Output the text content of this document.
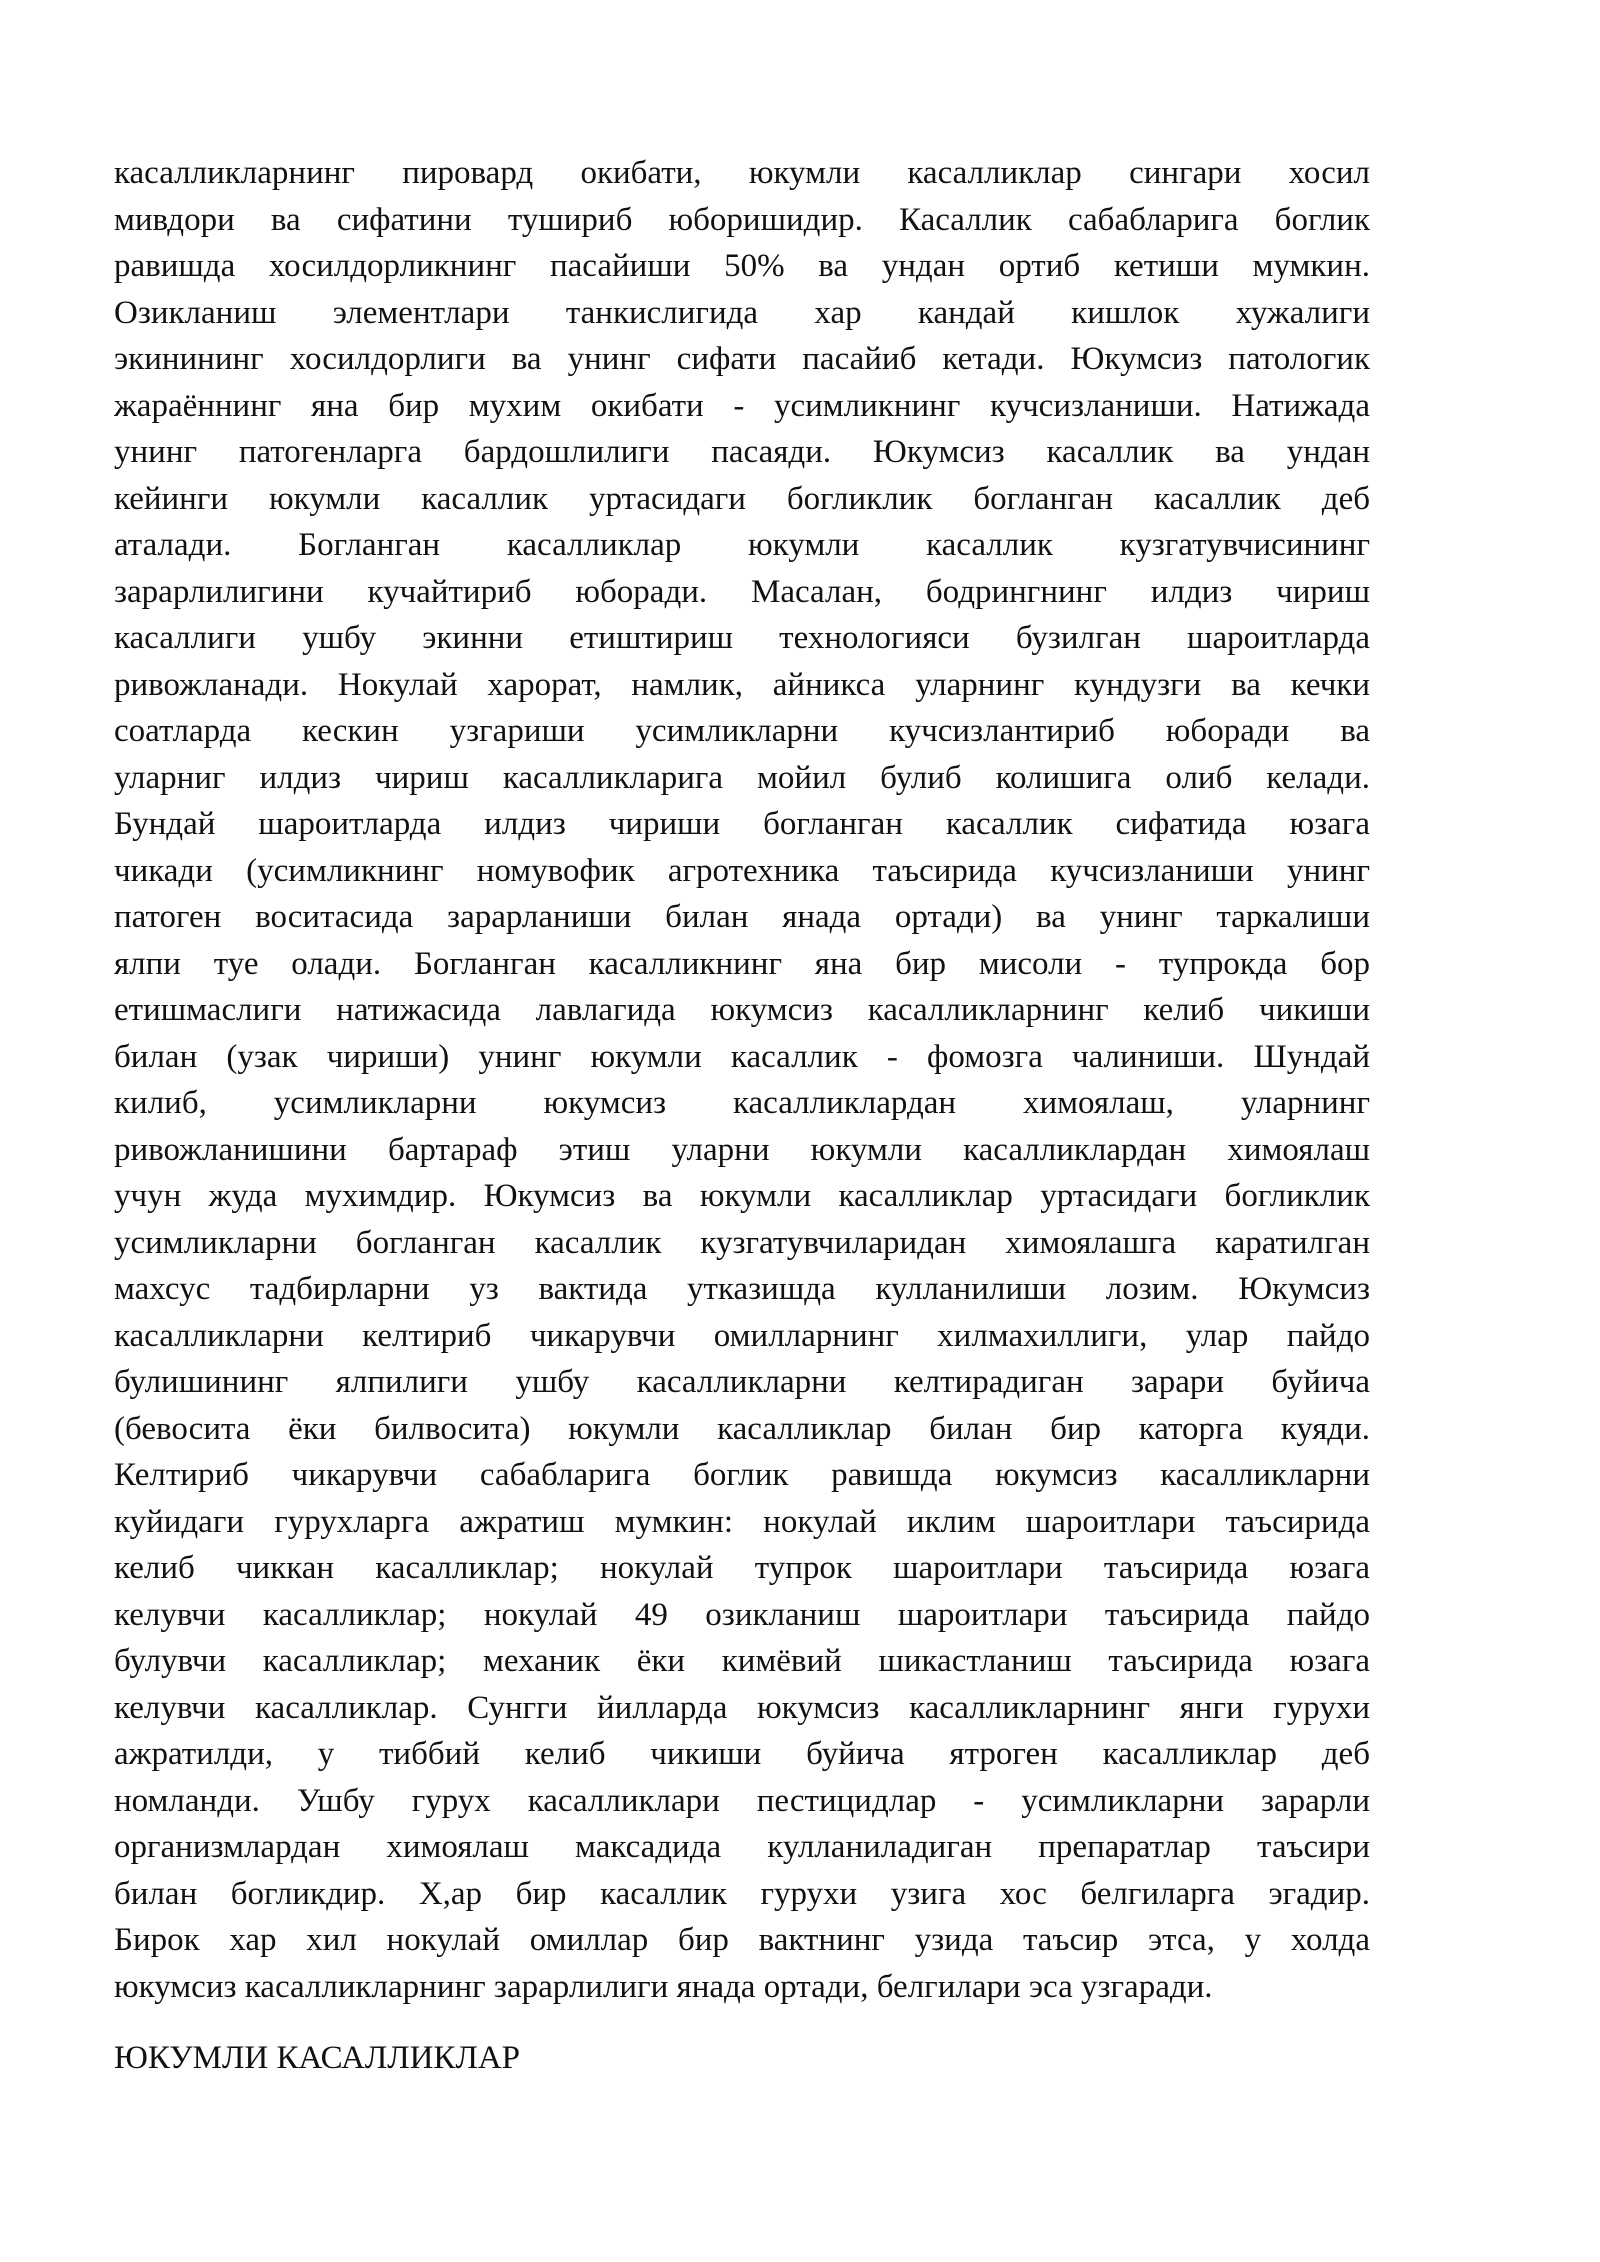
касалликларнинг пировард окибати, юкумли касалликлар сингари хосил
мивдори ва сифатини тушириб юборишидир. Касаллик сабабларига боглик
равишда хосилдорликнинг пасайиши 50% ва ундан ортиб кетиши мумкин.
Озикланиш элементлари танкислигида хар кандай кишлок хужалиги
экинининг хосилдорлиги ва унинг сифати пасайиб кетади. Юкумсиз патологик
жараённинг яна бир мухим окибати - усимликнинг кучсизланиши. Натижада
унинг патогенларга бардошлилиги пасаяди. Юкумсиз касаллик ва ундан
кейинги юкумли касаллик уртасидаги богликлик богланган касаллик деб
аталади. Богланган касалликлар юкумли касаллик кузгатувчисининг
зарарлилигини кучайтириб юборади. Масалан, бодрингнинг илдиз чириш
касаллиги ушбу экинни етиштириш технологияси бузилган шароитларда
ривожланади. Нокулай харорат, намлик, айникса уларнинг кундузги ва кечки
соатларда кескин узгариши усимликларни кучсизлантириб юборади ва
уларниг илдиз чириш касалликларига мойил булиб колишига олиб келади.
Бундай шароитларда илдиз чириши богланган касаллик сифатида юзага
чикади (усимликнинг номувофик агротехника таъсирида кучсизланиши унинг
патоген воситасида зарарланиши билан янада ортади) ва унинг таркалиши
ялпи туе олади. Богланган касалликнинг яна бир мисоли - тупрокда бор
етишмаслиги натижасида лавлагида юкумсиз касалликларнинг келиб чикиши
билан (узак чириши) унинг юкумли касаллик - фомозга чалиниши. Шундай
килиб, усимликларни юкумсиз касалликлардан химоялаш, уларнинг
ривожланишини бартараф этиш уларни юкумли касалликлардан химоялаш
учун жуда мухимдир. Юкумсиз ва юкумли касалликлар уртасидаги богликлик
усимликларни богланган касаллик кузгатувчиларидан химоялашга каратилган
махсус тадбирларни уз вактида утказишда кулланилиши лозим. Юкумсиз
касалликларни келтириб чикарувчи омилларнинг хилмахиллиги, улар пайдо
булишининг ялпилиги ушбу касалликларни келтирадиган зарари буйича
(бевосита ёки билвосита) юкумли касалликлар билан бир каторга куяди.
Келтириб чикарувчи сабабларига боглик равишда юкумсиз касалликларни
куйидаги гурухларга ажратиш мумкин: нокулай иклим шароитлари таъсирида
келиб чиккан касалликлар; нокулай тупрок шароитлари таъсирида юзага
келувчи касалликлар; нокулай 49 озикланиш шароитлари таъсирида пайдо
булувчи касалликлар; механик ёки кимёвий шикастланиш таъсирида юзага
келувчи касалликлар. Сунгги йилларда юкумсиз касалликларнинг янги гурухи
ажратилди, у тиббий келиб чикиши буйича ятроген касалликлар деб
номланди. Ушбу гурух касалликлари пестицидлар - усимликларни зарарли
организмлардан химоялаш максадида кулланиладиган препаратлар таъсири
билан богликдир. Х,ар бир касаллик гурухи узига хос белгиларга эгадир.
Бирок хар хил нокулай омиллар бир вактнинг узида таъсир этса, у холда
юкумсиз касалликларнинг зарарлилиги янада ортади, белгилари эса узгаради.
ЮКУМЛИ КАСАЛЛИКЛАР
